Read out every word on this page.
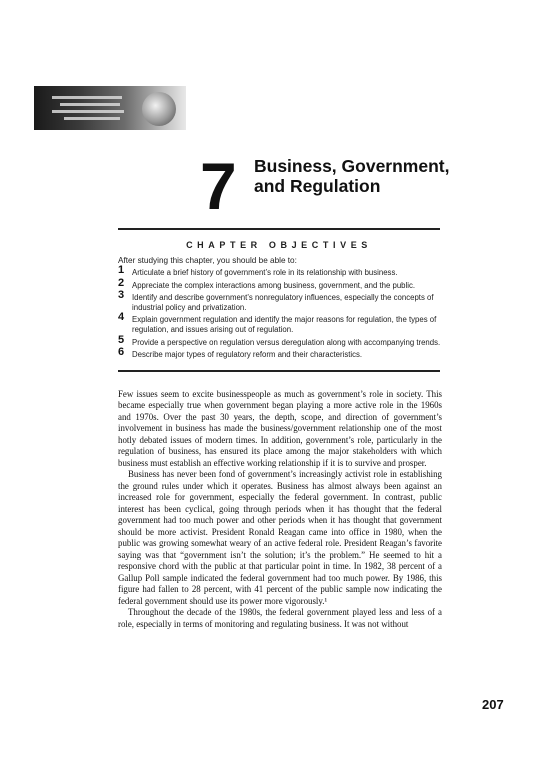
7 Business, Government,
and Regulation
CHAPTER OBJECTIVES
After studying this chapter, you should be able to:
1 Articulate a brief history of government’s role in its relationship with business.
2 Appreciate the complex interactions among business, government, and the public.
3 Identify and describe government’s nonregulatory influences, especially the concepts of industrial policy and privatization.
4 Explain government regulation and identify the major reasons for regulation, the types of regulation, and issues arising out of regulation.
5 Provide a perspective on regulation versus deregulation along with accompanying trends.
6 Describe major types of regulatory reform and their characteristics.

Few issues seem to excite businesspeople as much as government’s role in society. This became especially true when government began playing a more active role in the 1960s and 1970s. Over the past 30 years, the depth, scope, and direction of government’s involvement in business has made the business/government relationship one of the most hotly debated issues of modern times. In addition, government’s role, particularly in the regulation of business, has ensured its place among the major stakeholders with which business must establish an effective working relationship if it is to survive and prosper.

Business has never been fond of government’s increasingly activist role in establishing the ground rules under which it operates. Business has almost always been against an increased role for government, especially the federal government. In contrast, public interest has been cyclical, going through periods when it has thought that the federal government had too much power and other periods when it has thought that government should be more activist. President Ronald Reagan came into office in 1980, when the public was growing somewhat weary of an active federal role. President Reagan’s favorite saying was that “government isn’t the solution; it’s the problem.” He seemed to hit a responsive chord with the public at that particular point in time. In 1982, 38 percent of a Gallup Poll sample indicated the federal government had too much power. By 1986, this figure had fallen to 28 percent, with 41 percent of the public sample now indicating the federal government should use its power more vigorously.¹

Throughout the decade of the 1980s, the federal government played less and less of a role, especially in terms of monitoring and regulating business. It was not without

207
